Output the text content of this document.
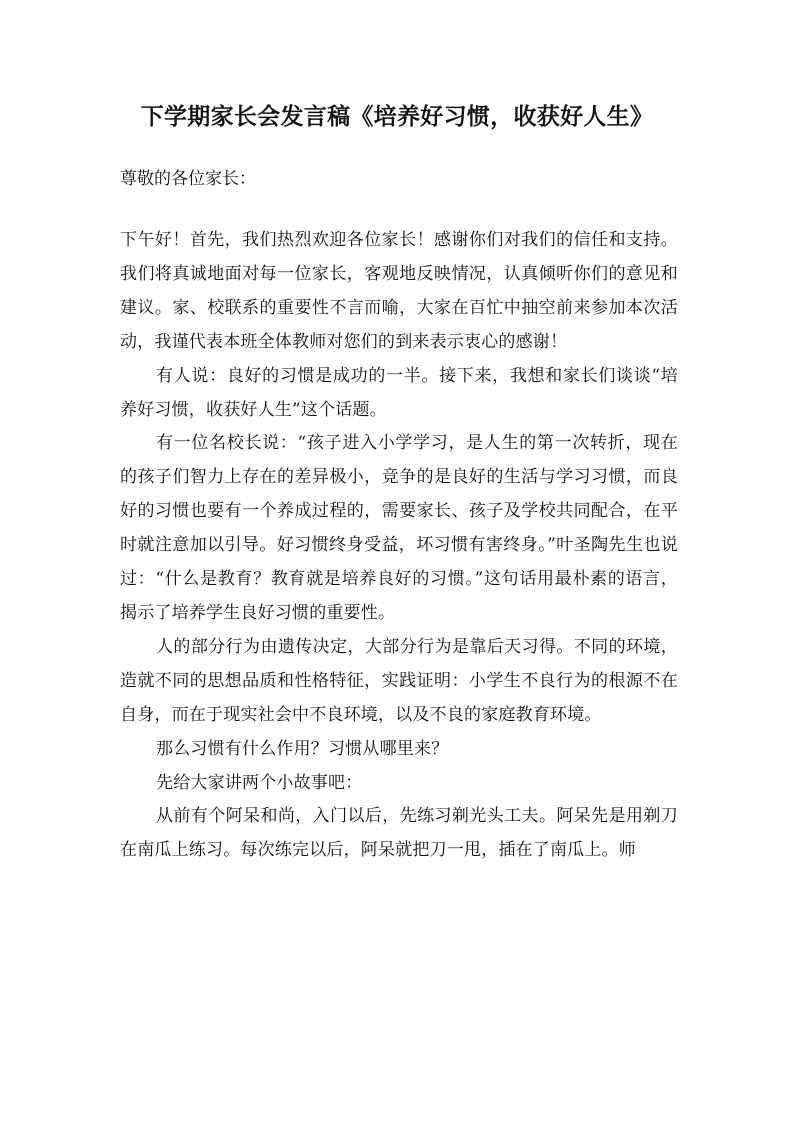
下学期家长会发言稿《培养好习惯，收获好人生》

尊敬的各位家长：

下午好！首先，我们热烈欢迎各位家长！感谢你们对我们的信任和支持。我们将真诚地面对每一位家长，客观地反映情况，认真倾听你们的意见和建议。家、校联系的重要性不言而喻，大家在百忙中抽空前来参加本次活动，我谨代表本班全体教师对您们的到来表示衷心的感谢！

有人说：良好的习惯是成功的一半。接下来，我想和家长们谈谈“培养好习惯，收获好人生”这个话题。

有一位名校长说：“孩子进入小学学习，是人生的第一次转折，现在的孩子们智力上存在的差异极小，竞争的是良好的生活与学习习惯，而良好的习惯也要有一个养成过程的，需要家长、孩子及学校共同配合，在平时就注意加以引导。好习惯终身受益，坏习惯有害终身。”叶圣陶先生也说过：“什么是教育？教育就是培养良好的习惯。”这句话用最朴素的语言，揭示了培养学生良好习惯的重要性。

人的部分行为由遗传决定，大部分行为是靠后天习得。不同的环境，造就不同的思想品质和性格特征，实践证明：小学生不良行为的根源不在自身，而在于现实社会中不良环境，以及不良的家庭教育环境。

那么习惯有什么作用？习惯从哪里来？

先给大家讲两个小故事吧：

从前有个阿呆和尚，入门以后，先练习剃光头工夫。阿呆先是用剃刀在南瓜上练习。每次练完以后，阿呆就把刀一甩，插在了南瓜上。师
